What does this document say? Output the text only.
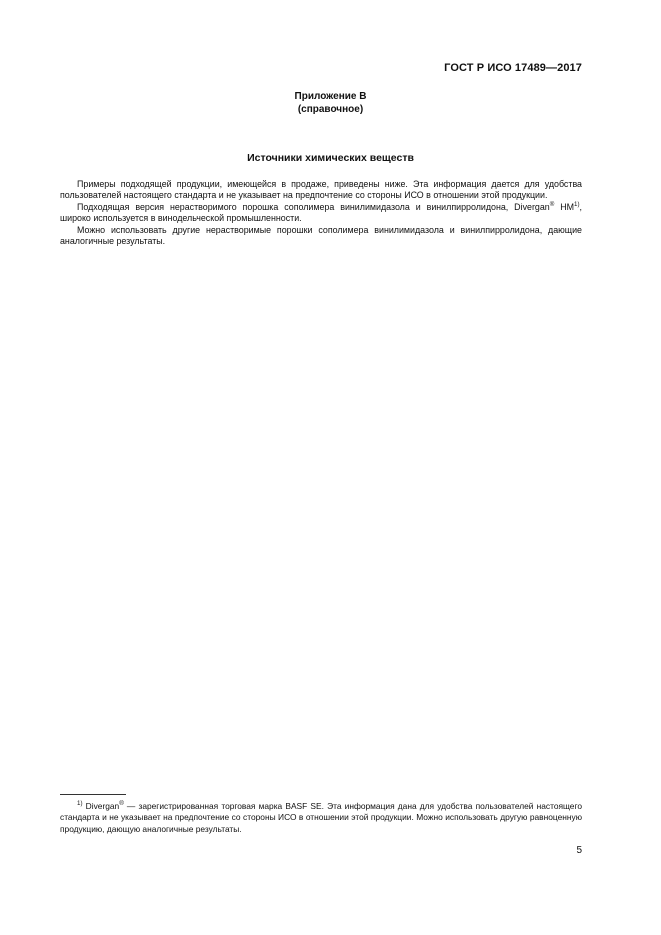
ГОСТ Р ИСО 17489—2017
Приложение В
(справочное)
Источники химических веществ

Примеры подходящей продукции, имеющейся в продаже, приведены ниже. Эта информация дается для удобства пользователей настоящего стандарта и не указывает на предпочтение со стороны ИСО в отношении этой продукции.

Подходящая версия нерастворимого порошка сополимера винилимидазола и винилпирролидона, Divergan® HM$^{1)}$, широко используется в винодельческой промышленности.

Можно использовать другие нерастворимые порошки сополимера винилимидазола и винилпирролидона, дающие аналогичные результаты.

$^{1)}$ Divergan® — зарегистрированная торговая марка BASF SE. Эта информация дана для удобства пользователей настоящего стандарта и не указывает на предпочтение со стороны ИСО в отношении этой продукции. Можно использовать другую равноценную продукцию, дающую аналогичные результаты.

5
